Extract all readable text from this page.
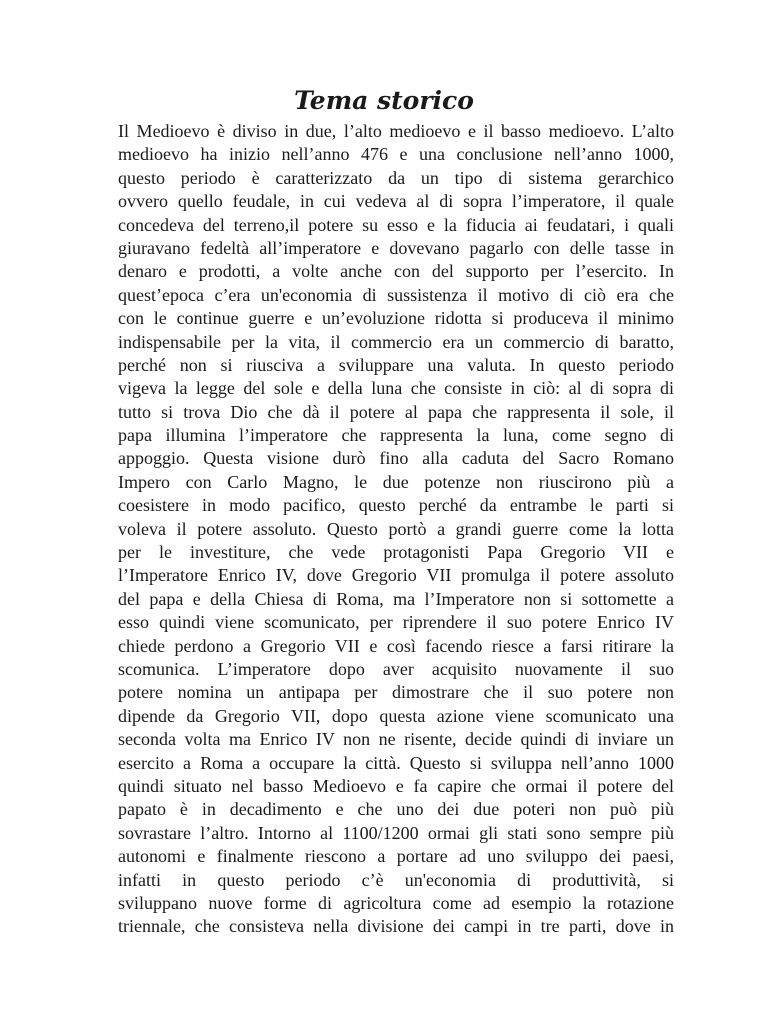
Tema storico
Il Medioevo è diviso in due, l’alto medioevo e il basso medioevo. L’alto
medioevo ha inizio nell’anno 476 e una conclusione nell’anno 1000,
questo periodo è caratterizzato da un tipo di sistema gerarchico
ovvero quello feudale, in cui vedeva al di sopra l’imperatore, il quale
concedeva del terreno,il potere su esso e la fiducia ai feudatari, i quali
giuravano fedeltà all’imperatore e dovevano pagarlo con delle tasse in
denaro e prodotti, a volte anche con del supporto per l’esercito. In
quest’epoca c’era un'economia di sussistenza il motivo di ciò era che
con le continue guerre e un’evoluzione ridotta si produceva il minimo
indispensabile per la vita, il commercio era un commercio di baratto,
perché non si riusciva a sviluppare una valuta. In questo periodo
vigeva la legge del sole e della luna che consiste in ciò: al di sopra di
tutto si trova Dio che dà il potere al papa che rappresenta il sole, il
papa illumina l’imperatore che rappresenta la luna, come segno di
appoggio. Questa visione durò fino alla caduta del Sacro Romano
Impero con Carlo Magno, le due potenze non riuscirono più a
coesistere in modo pacifico, questo perché da entrambe le parti si
voleva il potere assoluto. Questo portò a grandi guerre come la lotta
per le investiture, che vede protagonisti Papa Gregorio VII e
l’Imperatore Enrico IV, dove Gregorio VII promulga il potere assoluto
del papa e della Chiesa di Roma, ma l’Imperatore non si sottomette a
esso quindi viene scomunicato, per riprendere il suo potere Enrico IV
chiede perdono a Gregorio VII e così facendo riesce a farsi ritirare la
scomunica. L’imperatore dopo aver acquisito nuovamente il suo
potere nomina un antipapa per dimostrare che il suo potere non
dipende da Gregorio VII, dopo questa azione viene scomunicato una
seconda volta ma Enrico IV non ne risente, decide quindi di inviare un
esercito a Roma a occupare la città. Questo si sviluppa nell’anno 1000
quindi situato nel basso Medioevo e fa capire che ormai il potere del
papato è in decadimento e che uno dei due poteri non può più
sovrastare l’altro. Intorno al 1100/1200 ormai gli stati sono sempre più
autonomi e finalmente riescono a portare ad uno sviluppo dei paesi,
infatti in questo periodo c’è un'economia di produttività, si
sviluppano nuove forme di agricoltura come ad esempio la rotazione
triennale, che consisteva nella divisione dei campi in tre parti, dove in
